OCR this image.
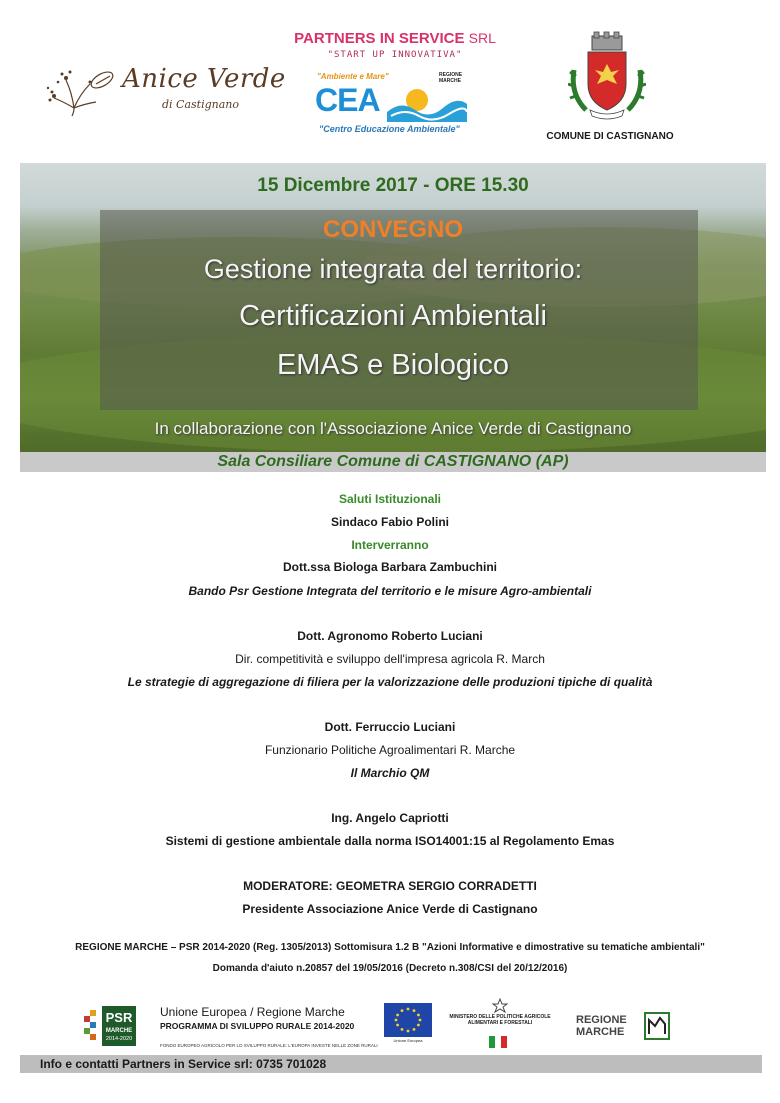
Anice Verde
di Castignano
PARTNERS IN SERVICE SRL
"START UP INNOVATIVA"
"Ambiente e Mare"
CEA
"Centro Educazione Ambientale"
REGIONE MARCHE
COMUNE DI CASTIGNANO
15 Dicembre 2017 - ORE 15.30
CONVEGNO
Gestione integrata del territorio:
Certificazioni Ambientali
EMAS e Biologico
In collaborazione con l'Associazione Anice Verde di Castignano
Sala Consiliare Comune di CASTIGNANO (AP)
Saluti Istituzionali
Sindaco Fabio Polini
Interverranno
Dott.ssa Biologa Barbara Zambuchini
Bando Psr Gestione Integrata del territorio e le misure Agro-ambientali
Dott. Agronomo Roberto Luciani
Dir. competitività e sviluppo dell'impresa agricola R. March
Le strategie di aggregazione di filiera per la valorizzazione delle produzioni tipiche di qualità
Dott. Ferruccio Luciani
Funzionario Politiche Agroalimentari R. Marche
Il Marchio QM
Ing. Angelo Capriotti
Sistemi di gestione ambientale dalla norma ISO14001:15 al Regolamento Emas
MODERATORE: GEOMETRA SERGIO CORRADETTI
Presidente Associazione Anice Verde di Castignano
REGIONE MARCHE – PSR 2014-2020 (Reg. 1305/2013) Sottomisura 1.2 B "Azioni Informative e dimostrative su tematiche ambientali"
Domanda d'aiuto n.20857 del 19/05/2016 (Decreto n.308/CSI del 20/12/2016)
PSR
MARCHE
2014-2020
Unione Europea / Regione Marche
PROGRAMMA DI SVILUPPO RURALE 2014-2020
FONDO EUROPEO AGRICOLO PER LO SVILUPPO RURALE: L'EUROPA INVESTE NELLE ZONE RURALI
Unione Europea
MINISTERO DELLE POLITICHE AGRICOLE ALIMENTARI E FORESTALI	REGIONE
MARCHE
Info e contatti Partners in Service srl: 0735 701028
